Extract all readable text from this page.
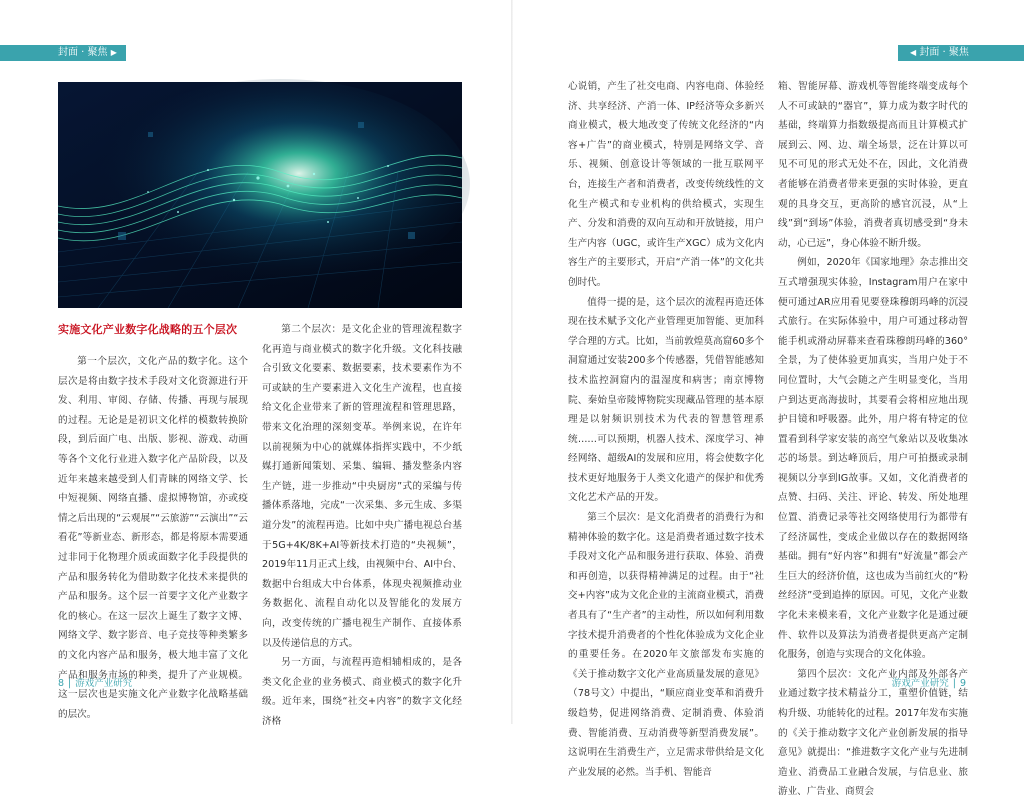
封面 · 聚焦 ▶	◀ 封面 · 聚焦
实施文化产业数字化战略的五个层次

第一个层次，文化产品的数字化。这个层次是将由数字技术手段对文化资源进行开发、利用、审阅、存储、传播、再现与展现的过程。无论是是初识文化样的模数转换阶段，到后面广电、出版、影视、游戏、动画等各个文化行业进入数字化产品阶段，以及近年来越来越受到人们青睐的网络文学、长中短视频、网络直播、虚拟博物馆，亦或疫情之后出现的“云观展”“云旅游”“云演出”“云看花”等新业态、新形态，都是将原本需要通过非同于化物理介质或面数字化手段提供的产品和服务转化为借助数字化技术来提供的产品和服务。这个层一首要字文化产业数字化的核心。在这一层次上诞生了数字文博、网络文学、数字影音、电子竞技等种类繁多的文化内容产品和服务，极大地丰富了文化产品和服务市场的种类，提升了产业规模。这一层次也是实施文化产业数字化战略基础的层次。

第二个层次：是文化企业的管理流程数字化再造与商业模式的数字化升级。文化科技融合引致文化要素、数据要素，技术要素作为不可或缺的生产要素进入文化生产流程，也直接给文化企业带来了新的管理流程和管理思路，带来文化治理的深刻变革。举例来说，在许年以前视频为中心的就媒体指挥实践中，不少纸媒打通新闻策划、采集、编辑、播发整条内容生产链，进一步推动“中央厨房”式的采编与传播体系落地，完成“一次采集、多元生成、多渠道分发”的流程再造。比如中央广播电视总台基于5G+4K/8K+AI等新技术打造的“央视频”，2019年11月正式上线，由视频中台、AI中台、数据中台组成大中台体系，体现央视频推动业务数据化、流程自动化以及智能化的发展方向，改变传统的广播电视生产制作、直接体系以及传递信息的方式。

另一方面，与流程再造相辅相成的，是各类文化企业的业务模式、商业模式的数字化升级。近年来，围绕“社交+内容”的数字文化经济格

心说销，产生了社交电商、内容电商、体验经济、共享经济、产消一体、IP经济等众多新兴商业模式，极大地改变了传统文化经济的“内容+广告”的商业模式，特别是网络文学、音乐、视频、创意设计等领域的一批互联网平台，连接生产者和消费者，改变传统线性的文化生产模式和专业机构的供给模式，实现生产、分发和消费的双向互动和开放链接，用户生产内容（UGC，或许生产XGC）成为文化内容生产的主要形式，开启“产消一体”的文化共创时代。

值得一提的是，这个层次的流程再造还体现在技术赋予文化产业管理更加智能、更加科学合理的方式。比如，当前敦煌莫高窟60多个洞窟通过安装200多个传感器，凭借智能感知技术监控洞窟内的温湿度和病害；南京博物院、秦始皇帝陵博物院实现藏品管理的基本原理是以射频识别技术为代表的智慧管理系统……可以预期，机器人技术、深度学习、神经网络、超级AI的发展和应用，将会使数字化技术更好地服务于人类文化遗产的保护和优秀文化艺术产品的开发。

第三个层次：是文化消费者的消费行为和精神体验的数字化。这是消费者通过数字技术手段对文化产品和服务进行获取、体验、消费和再创造，以获得精神满足的过程。由于“社交+内容”成为文化企业的主流商业模式，消费者具有了“生产者”的主动性，所以如何利用数字技术提升消费者的个性化体验成为文化企业的重要任务。在2020年文旅部发布实施的《关于推动数字文化产业高质量发展的意见》（78号文）中提出，“顺应商业变革和消费升级趋势，促进网络消费、定制消费、体验消费、智能消费、互动消费等新型消费发展”。这说明在生消费生产，立足需求带供给是文化产业发展的必然。当手机、智能音

箱、智能屏幕、游戏机等智能终端变成每个人不可或缺的“器官”，算力成为数字时代的基础，终端算力指数级提高而且计算模式扩展到云、网、边、端全场景，泛在计算以可见不可见的形式无处不在，因此，文化消费者能够在消费者带来更强的实时体验，更直观的具身交互，更高阶的感官沉浸，从“上线”到“到场”体验，消费者真切感受到“身未动，心已远”，身心体验不断升级。

例如，2020年《国家地理》杂志推出交互式增强现实体验，Instagram用户在家中便可通过AR应用看见要登珠穆朗玛峰的沉浸式旅行。在实际体验中，用户可通过移动智能手机或滑动屏幕来查看珠穆朗玛峰的360°全景，为了使体验更加真实，当用户处于不同位置时，大气会随之产生明显变化，当用户到达更高海拔时，其要看会将相应地出现护目镜和呼吸器。此外，用户将有特定的位置看到科学家安装的高空气象站以及收集冰芯的场景。到达峰顶后，用户可拍摄或录制视频以分享到IG故事。又如，文化消费者的点赞、扫码、关注、评论、转发、所处地理位置、消费记录等社交网络使用行为都带有了经济属性，变成企业做以存在的数据网络基础。拥有“好内容”和拥有“好流量”都会产生巨大的经济价值，这也成为当前红火的“粉丝经济”受到追捧的原因。可见，文化产业数字化未来模来看，文化产业数字化是通过硬件、软件以及算法为消费者提供更高产定制化服务，创造与实现合的文化体验。

第四个层次：文化产业内部及外部各产业通过数字技术精益分工，重塑价值链，结构升级、功能转化的过程。2017年发布实施的《关于推动数字文化产业创新发展的指导意见》就提出：“推进数字文化产业与先进制造业、消费品工业融合发展，与信息业、旅游业、广告业、商贸会

8 | 游戏产业研究	游戏产业研究 | 9
